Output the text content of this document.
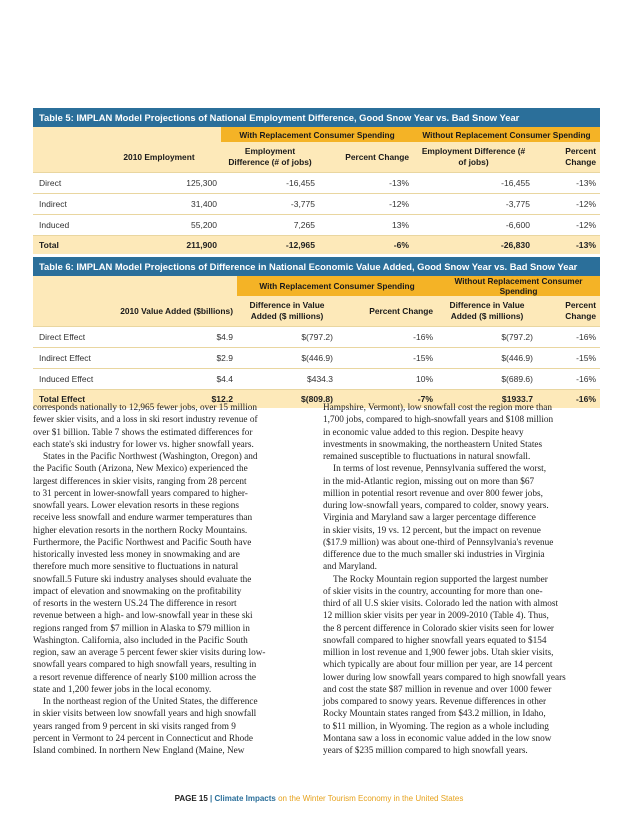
Table 5: IMPLAN Model Projections of National Employment Difference, Good Snow Year vs. Bad Snow Year					
		With Replacement Consumer Spending		Without Replacement Consumer Spending	
	2010 Employment	Employment Difference (# of jobs)	Percent Change	Employment Difference (# of jobs)	Percent Change
Direct	125,300	-16,455	-13%	-16,455	-13%
Indirect	31,400	-3,775	-12%	-3,775	-12%
Induced	55,200	7,265	13%	-6,600	-12%
Total	211,900	-12,965	-6%	-26,830	-13%
Table 6: IMPLAN Model Projections of Difference in National Economic Value Added, Good Snow Year vs. Bad Snow Year					
		With Replacement Consumer Spending		Without Replacement Consumer Spending	
	2010 Value Added ($billions)	Difference in Value Added ($ millions)	Percent Change	Difference in Value Added ($ millions)	Percent Change
Direct Effect	$4.9	$(797.2)	-16%	$(797.2)	-16%
Indirect Effect	$2.9	$(446.9)	-15%	$(446.9)	-15%
Induced Effect	$4.4	$434.3	10%	$(689.6)	-16%
Total Effect	$12.2	$(809.8)	-7%	$1933.7	-16%

corresponds nationally to 12,965 fewer jobs, over 15 million

fewer skier visits, and a loss in ski resort industry revenue of

over $1 billion. Table 7 shows the estimated differences for

each state's ski industry for lower vs. higher snowfall years.

States in the Pacific Northwest (Washington, Oregon) and

the Pacific South (Arizona, New Mexico) experienced the

largest differences in skier visits, ranging from 28 percent

to 31 percent in lower-snowfall years compared to higher-

snowfall years. Lower elevation resorts in these regions

receive less snowfall and endure warmer temperatures than

higher elevation resorts in the northern Rocky Mountains.

Furthermore, the Pacific Northwest and Pacific South have

historically invested less money in snowmaking and are

therefore much more sensitive to fluctuations in natural

snowfall.5 Future ski industry analyses should evaluate the

impact of elevation and snowmaking on the profitability

of resorts in the western US.24 The difference in resort

revenue between a high- and low-snowfall year in these ski

regions ranged from $7 million in Alaska to $79 million in

Washington. California, also included in the Pacific South

region, saw an average 5 percent fewer skier visits during low-

snowfall years compared to high snowfall years, resulting in

a resort revenue difference of nearly $100 million across the

state and 1,200 fewer jobs in the local economy.

In the northeast region of the United States, the difference

in skier visits between low snowfall years and high snowfall

years ranged from 9 percent in ski visits ranged from 9

percent in Vermont to 24 percent in Connecticut and Rhode

Island combined. In northern New England (Maine, New

Hampshire, Vermont), low snowfall cost the region more than

1,700 jobs, compared to high-snowfall years and $108 million

in economic value added to this region. Despite heavy

investments in snowmaking, the northeastern United States

remained susceptible to fluctuations in natural snowfall.

In terms of lost revenue, Pennsylvania suffered the worst,

in the mid-Atlantic region, missing out on more than $67

million in potential resort revenue and over 800 fewer jobs,

during low-snowfall years, compared to colder, snowy years.

Virginia and Maryland saw a larger percentage difference

in skier visits, 19 vs. 12 percent, but the impact on revenue

($17.9 million) was about one-third of Pennsylvania's revenue

difference due to the much smaller ski industries in Virginia

and Maryland.

The Rocky Mountain region supported the largest number

of skier visits in the country, accounting for more than one-

third of all U.S skier visits. Colorado led the nation with almost

12 million skier visits per year in 2009-2010 (Table 4). Thus,

the 8 percent difference in Colorado skier visits seen for lower

snowfall compared to higher snowfall years equated to $154

million in lost revenue and 1,900 fewer jobs. Utah skier visits,

which typically are about four million per year, are 14 percent

lower during low snowfall years compared to high snowfall years

and cost the state $87 million in revenue and over 1000 fewer

jobs compared to snowy years. Revenue differences in other

Rocky Mountain states ranged from $43.2 million, in Idaho,

to $11 million, in Wyoming. The region as a whole including

Montana saw a loss in economic value added in the low snow

years of $235 million compared to high snowfall years.

PAGE 15 | Climate Impacts on the Winter Tourism Economy in the United States
